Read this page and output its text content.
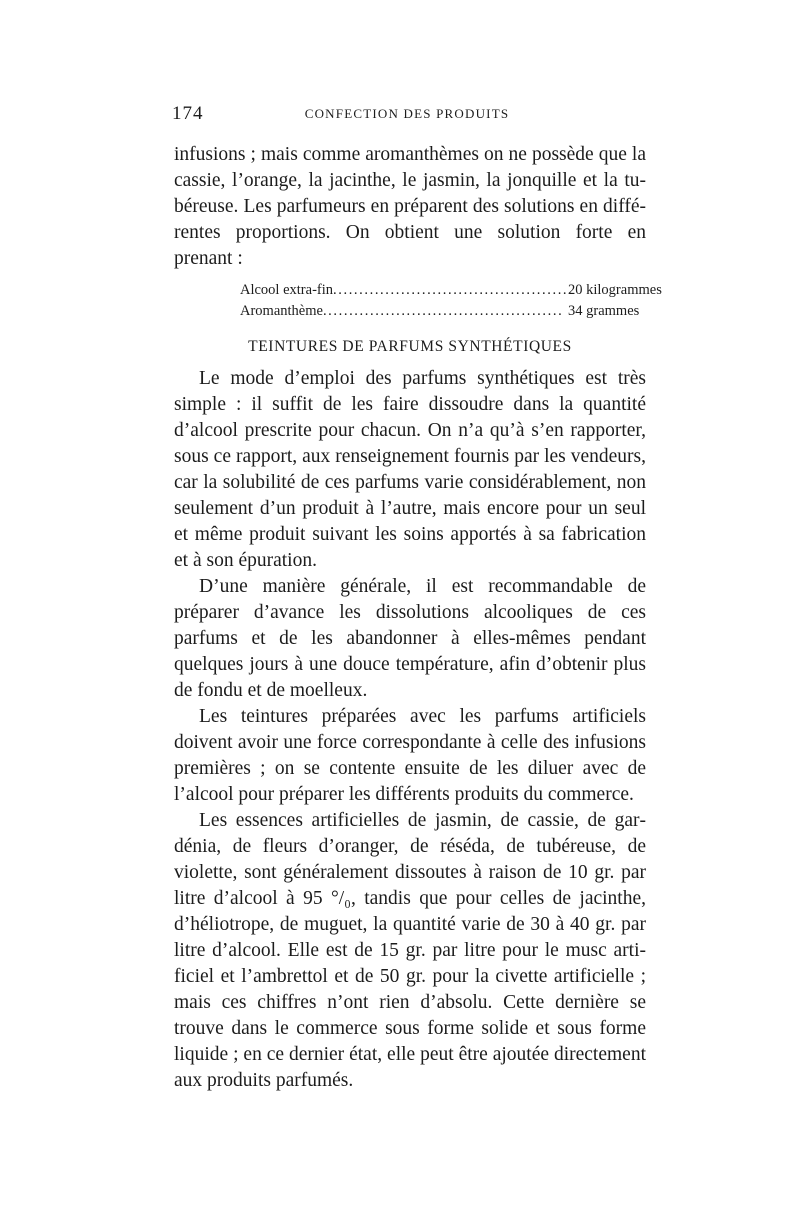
174	CONFECTION DES PRODUITS

infusions ; mais comme aromanthèmes on ne possède que la cassie, l’orange, la jacinthe, le jasmin, la jonquille et la tubéreuse. Les parfumeurs en préparent des solutions en différentes proportions. On obtient une solution forte en prenant :

Alcool extra-fin..............................................
20 kilogrammes
Aromanthème.............................................. 34 grammes
TEINTURES DE PARFUMS SYNTHÉTIQUES

Le mode d’emploi des parfums synthétiques est très simple : il suffit de les faire dissoudre dans la quantité d’alcool prescrite pour chacun. On n’a qu’à s’en rapporter, sous ce rapport, aux renseignement fournis par les vendeurs, car la solubilité de ces parfums varie considérablement, non seulement d’un produit à l’autre, mais encore pour un seul et même produit suivant les soins apportés à sa fabrication et à son épuration.

D’une manière générale, il est recommandable de préparer d’avance les dissolutions alcooliques de ces parfums et de les abandonner à elles-mêmes pendant quelques jours à une douce température, afin d’obtenir plus de fondu et de moelleux.

Les teintures préparées avec les parfums artificiels doivent avoir une force correspondante à celle des infusions premières ; on se contente ensuite de les diluer avec de l’alcool pour préparer les différents produits du commerce.

Les essences artificielles de jasmin, de cassie, de gardénia, de fleurs d’oranger, de réséda, de tubéreuse, de violette, sont généralement dissoutes à raison de 10 gr. par litre d’alcool à 95 °/₀, tandis que pour celles de jacinthe, d’héliotrope, de muguet, la quantité varie de 30 à 40 gr. par litre d’alcool. Elle est de 15 gr. par litre pour le musc artificiel et l’ambrettol et de 50 gr. pour la civette artificielle ; mais ces chiffres n’ont rien d’absolu. Cette dernière se trouve dans le commerce sous forme solide et sous forme liquide ; en ce dernier état, elle peut être ajoutée directement aux produits parfumés.
